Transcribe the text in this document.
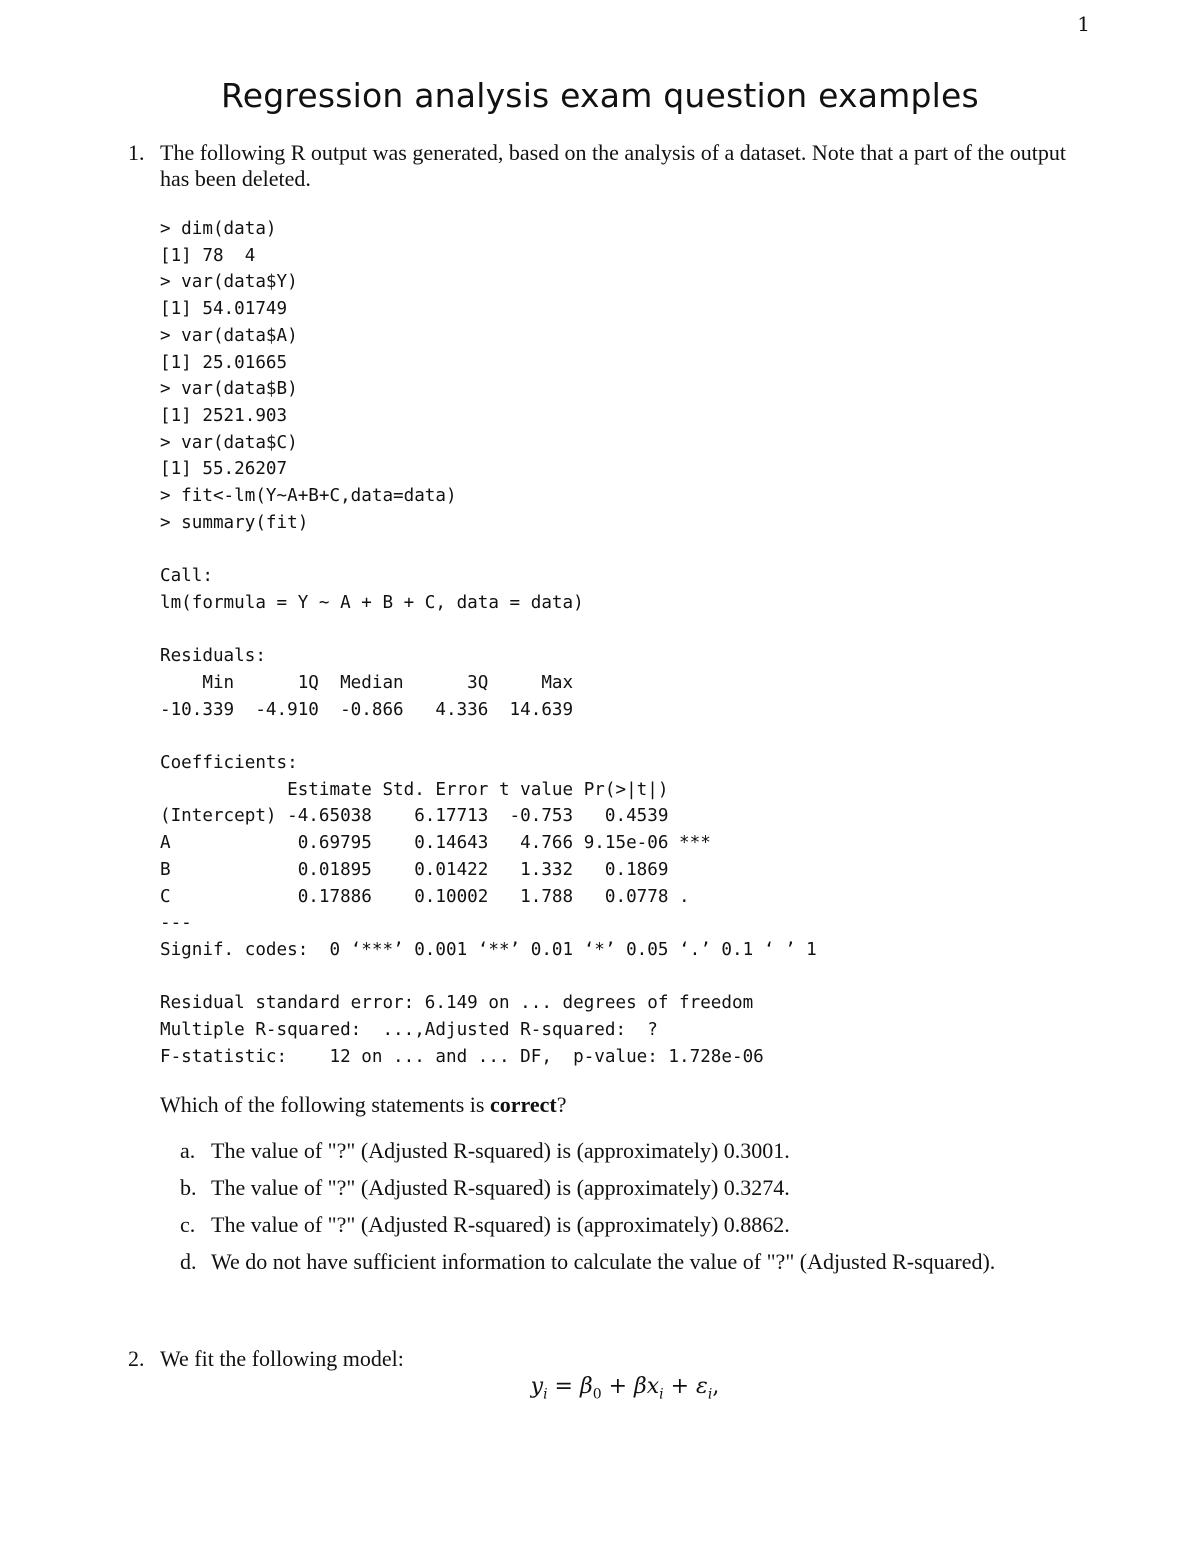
1
Regression analysis exam question examples
1. The following R output was generated, based on the analysis of a dataset. Note that a part of the output has been deleted.

> dim(data)
[1] 78  4
> var(data$Y)
[1] 54.01749
> var(data$A)
[1] 25.01665
> var(data$B)
[1] 2521.903
> var(data$C)
[1] 55.26207
> fit<-lm(Y~A+B+C,data=data)
> summary(fit)

Call:
lm(formula = Y ~ A + B + C, data = data)

Residuals:
Min      1Q  Median      3Q     Max
-10.339  -4.910  -0.866   4.336  14.639

Coefficients:
Estimate Std. Error t value Pr(>|t|)
(Intercept) -4.65038    6.17713  -0.753   0.4539
A            0.69795    0.14643   4.766 9.15e-06 ***
B            0.01895    0.01422   1.332   0.1869
C            0.17886    0.10002   1.788   0.0778 .
---
Signif. codes:  0 ‘***’ 0.001 ‘**’ 0.01 ‘*’ 0.05 ‘.’ 0.1 ‘ ’ 1

Residual standard error: 6.149 on ... degrees of freedom
Multiple R-squared:  ...,Adjusted R-squared:  ?
F-statistic:    12 on ... and ... DF,  p-value: 1.728e-06
Which of the following statements is correct?
a. The value of "?" (Adjusted R-squared) is (approximately) 0.3001.
b. The value of "?" (Adjusted R-squared) is (approximately) 0.3274.
c. The value of "?" (Adjusted R-squared) is (approximately) 0.8862.
d. We do not have sufficient information to calculate the value of "?" (Adjusted R-squared).
2. We fit the following model:

$y_i = \beta_0 + \beta x_i + \varepsilon_i$,
